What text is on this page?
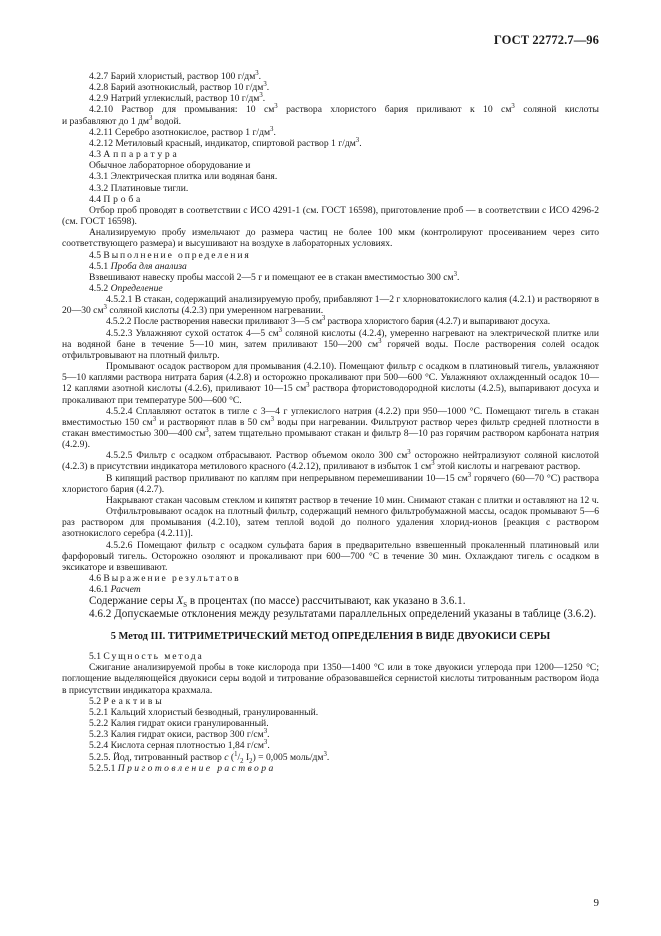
ГОСТ 22772.7—96

4.2.7 Барий хлористый, раствор 100 $г/дм^3$.

4.2.8 Барий азотнокислый, раствор 10 $г/дм^3$.

4.2.9 Натрий углекислый, раствор 10 $г/дм^3$.

4.2.10 Раствор для промывания: 10 $см^3$ раствора хлористого бария приливают к 10 $см^3$ соляной кислоты

и разбавляют до 1 $дм^3$ водой.

4.2.11 Серебро азотнокислое, раствор 1 $г/дм^3$.

4.2.12 Метиловый красный, индикатор, спиртовой раствор 1 $г/дм^3$.

4.3 Аппаратура

Обычное лабораторное оборудование и

4.3.1 Электрическая плитка или водяная баня.

4.3.2 Платиновые тигли.

4.4 Проба

Отбор проб проводят в соответствии с ИСО 4291-1 (см. ГОСТ 16598), приготовление проб — в соответствии с ИСО 4296-2 (см. ГОСТ 16598).

Анализируемую пробу измельчают до размера частиц не более 100 мкм (контролируют просеиванием через сито соответствующего размера) и высушивают на воздухе в лабораторных условиях.

4.5 Выполнение определения

4.5.1 Проба для анализа

Взвешивают навеску пробы массой 2—5 г и помещают ее в стакан вместимостью 300 $см^3$.

4.5.2 Определение

4.5.2.1 В стакан, содержащий анализируемую пробу, прибавляют 1—2 г хлорноватокислого калия (4.2.1) и растворяют в 20—30 $см^3$ соляной кислоты (4.2.3) при умеренном нагревании.

4.5.2.2 После растворения навески приливают 3—5 $см^3$ раствора хлористого бария (4.2.7) и выпаривают досуха.

4.5.2.3 Увлажняют сухой остаток 4—5 $см^3$ соляной кислоты (4.2.4), умеренно нагревают на электрической плитке или на водяной бане в течение 5—10 мин, затем приливают 150—200 $см^3$ горячей воды. После растворения солей осадок отфильтровывают на плотный фильтр.

Промывают осадок раствором для промывания (4.2.10). Помещают фильтр с осадком в платиновый тигель, увлажняют 5—10 каплями раствора нитрата бария (4.2.8) и осторожно прокаливают при 500—600 °С. Увлажняют охлажденный осадок 10—12 каплями азотной кислоты (4.2.6), приливают 10—15 $см^3$ раствора фтористоводородной кислоты (4.2.5), выпаривают досуха и прокаливают при температуре 500—600 °С.

4.5.2.4 Сплавляют остаток в тигле с 3—4 г углекислого натрия (4.2.2) при 950—1000 °С. Помещают тигель в стакан вместимостью 150 $см^3$ и растворяют плав в 50 $см^3$ воды при нагревании. Фильтруют раствор через фильтр средней плотности в стакан вместимостью 300—400 $см^3$, затем тщательно промывают стакан и фильтр 8—10 раз горячим раствором карбоната натрия (4.2.9).

4.5.2.5 Фильтр с осадком отбрасывают. Раствор объемом около 300 $см^3$ осторожно нейтрализуют соляной кислотой (4.2.3) в присутствии индикатора метилового красного (4.2.12), приливают в избыток 1 $см^3$ этой кислоты и нагревают раствор.

В кипящий раствор приливают по каплям при непрерывном перемешивании 10—15 $см^3$ горячего (60—70 °С) раствора хлористого бария (4.2.7).

Накрывают стакан часовым стеклом и кипятят раствор в течение 10 мин. Снимают стакан с плитки и оставляют на 12 ч.

Отфильтровывают осадок на плотный фильтр, содержащий немного фильтробумажной массы, осадок промывают 5—6 раз раствором для промывания (4.2.10), затем теплой водой до полного удаления хлорид-ионов [реакция с раствором азотнокислого серебра (4.2.11)].

4.5.2.6 Помещают фильтр с осадком сульфата бария в предварительно взвешенный прокаленный платиновый или фарфоровый тигель. Осторожно озоляют и прокаливают при 600—700 °С в течение 30 мин. Охлаждают тигель с осадком в эксикаторе и взвешивают.

4.6 Выражение результатов

4.6.1 Расчет

Содержание серы $X_S$ в процентах (по массе) рассчитывают, как указано в 3.6.1.

4.6.2 Допускаемые отклонения между результатами параллельных определений указаны в таблице (3.6.2).

5 Метод III. ТИТРИМЕТРИЧЕСКИЙ МЕТОД ОПРЕДЕЛЕНИЯ В ВИДЕ ДВУОКИСИ СЕРЫ

5.1 Сущность метода

Сжигание анализируемой пробы в токе кислорода при 1350—1400 °С или в токе двуокиси углерода при 1200—1250 °С; поглощение выделяющейся двуокиси серы водой и титрование образовавшейся сернистой кислоты титрованным раствором йода в присутствии индикатора крахмала.

5.2 Реактивы

5.2.1 Кальций хлористый безводный, гранулированный.

5.2.2 Калия гидрат окиси гранулированный.

5.2.3 Калия гидрат окиси, раствор 300 $г/см^3$.

5.2.4 Кислота серная плотностью 1,84 $г/см^3$.

5.2.5. Йод, титрованный раствор с ($^1/_2$ $I_2) = 0,005$ моль/$дм^3$.

5.2.5.1 Приготовление раствора

9
